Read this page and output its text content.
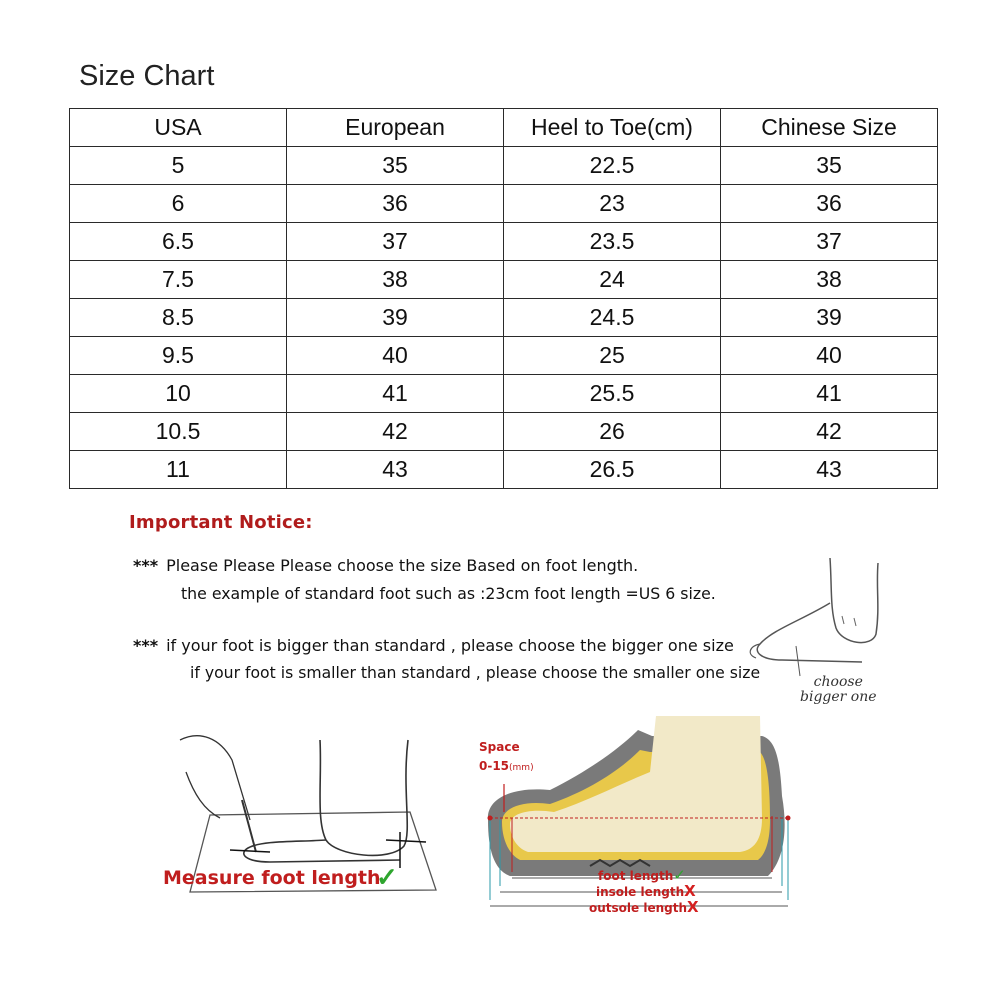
Size Chart
USA	European	Heel to Toe(cm)	Chinese Size
5	35	22.5	35
6	36	23	36
6.5	37	23.5	37
7.5	38	24	38
8.5	39	24.5	39
9.5	40	25	40
10	41	25.5	41
10.5	42	26	42
11	43	26.5	43
Important Notice:
*** Please Please Please choose the size Based on foot length.
the example of standard foot such as :23cm foot length =US 6 size.
*** if your foot is bigger than standard , please choose the bigger one size
if your foot is smaller than standard , please choose the smaller one size	choose
bigger one
Measure foot length
✓
Space
0-15(mm)
foot length✓
insole lengthX
outsole lengthX
